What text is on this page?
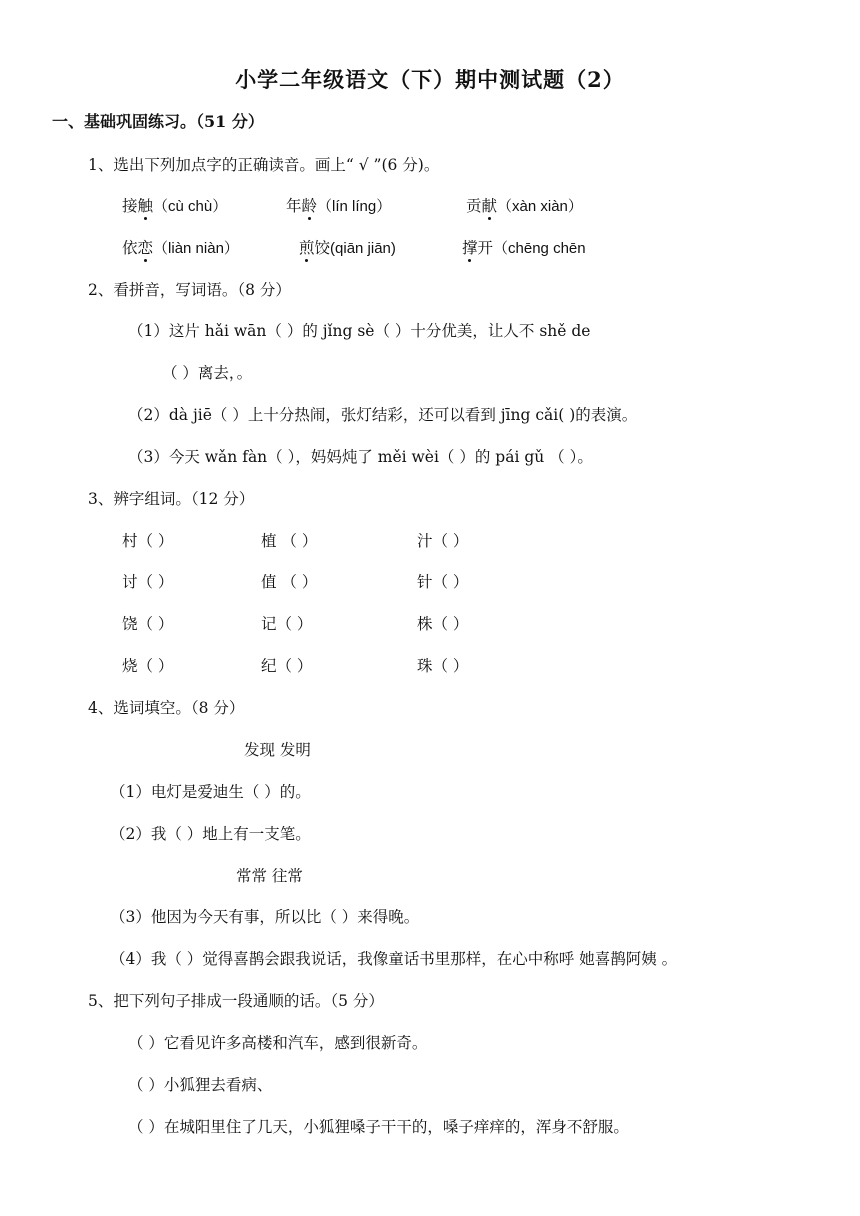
小学二年级语文（下）期中测试题（2）
一、基础巩固练习。（51 分）
1、选出下列加点字的正确读音。画上“ √ ”(6 分)。
接触（cù chù）	年龄（lín líng）	贡献（xàn xiàn）
依恋（liàn niàn）	煎饺(qiān jiān)	撑开（chēng chēn
2、看拼音，写词语。（8 分）
（1）这片 hǎi wān（ ）的 jǐng sè（ ）十分优美，让人不 shě de
（ ）离去，。
（2）dà jiē（ ）上十分热闹，张灯结彩，还可以看到 jīng cǎi( )的表演。
（3）今天 wǎn fàn（ ），妈妈炖了 měi wèi（ ）的 pái gǔ （ ）。
3、辨字组词。（12 分）
村（ ）	植 （ ）	汁（ ）
讨（ ）	值 （ ）	针（ ）
饶（ ）	记（ ）	株（ ）
烧（ ）	纪（ ）	珠（ ）
4、选词填空。（8 分）
发现 发明
（1）电灯是爱迪生（ ）的。
（2）我（ ）地上有一支笔。
常常 往常
（3）他因为今天有事，所以比（ ）来得晚。
（4）我（ ）觉得喜鹊会跟我说话，我像童话书里那样，在心中称呼 她喜鹊阿姨 。
5、把下列句子排成一段通顺的话。（5 分）
（ ）它看见许多高楼和汽车，感到很新奇。
（ ）小狐狸去看病、
（ ）在城阳里住了几天，小狐狸嗓子干干的，嗓子痒痒的，浑身不舒服。
